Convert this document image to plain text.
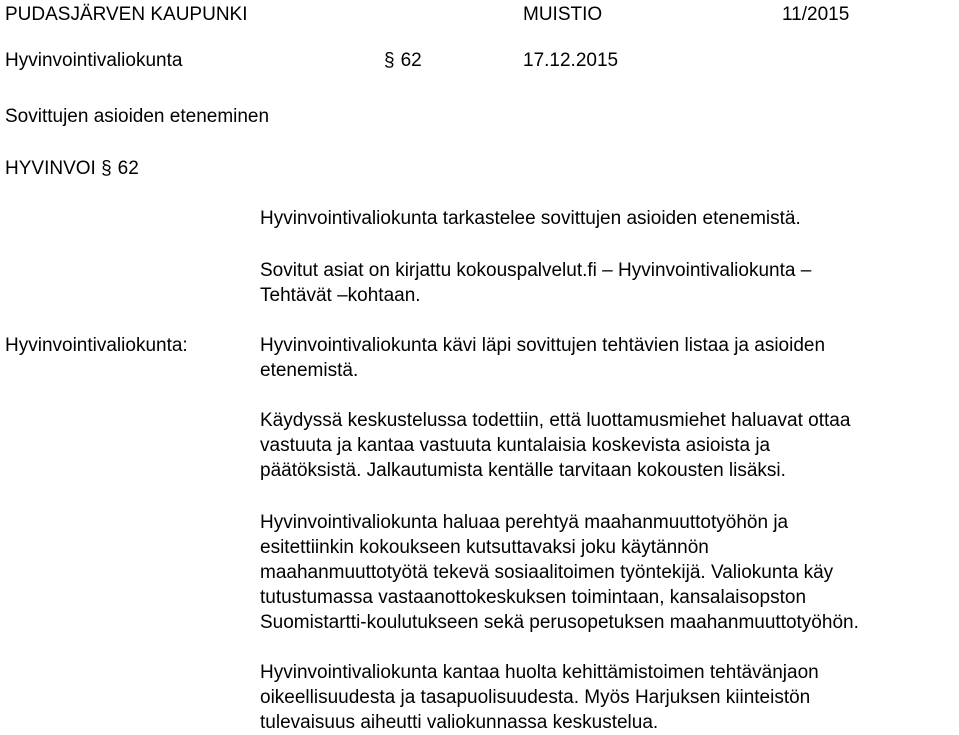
PUDASJÄRVEN KAUPUNKI	MUISTIO	11/2015
Hyvinvointivaliokunta	§ 62	17.12.2015
Sovittujen asioiden eteneminen
HYVINVOI § 62
Hyvinvointivaliokunta tarkastelee sovittujen asioiden etenemistä.
Sovitut asiat on kirjattu kokouspalvelut.fi – Hyvinvointivaliokunta –
Tehtävät –kohtaan.
Hyvinvointivaliokunta:	Hyvinvointivaliokunta kävi läpi sovittujen tehtävien listaa ja asioiden
etenemistä.
Käydyssä keskustelussa todettiin, että luottamusmiehet haluavat ottaa
vastuuta ja kantaa vastuuta kuntalaisia koskevista asioista ja
päätöksistä. Jalkautumista kentälle tarvitaan kokousten lisäksi.
Hyvinvointivaliokunta haluaa perehtyä maahanmuuttotyöhön ja
esitettiinkin kokoukseen kutsuttavaksi joku käytännön
maahanmuuttotyötä tekevä sosiaalitoimen työntekijä. Valiokunta käy
tutustumassa vastaanottokeskuksen toimintaan, kansalaisopston
Suomistartti-koulutukseen sekä perusopetuksen maahanmuuttotyöhön.
Hyvinvointivaliokunta kantaa huolta kehittämistoimen tehtävänjaon
oikeellisuudesta ja tasapuolisuudesta. Myös Harjuksen kiinteistön
tulevaisuus aiheutti valiokunnassa keskustelua.
